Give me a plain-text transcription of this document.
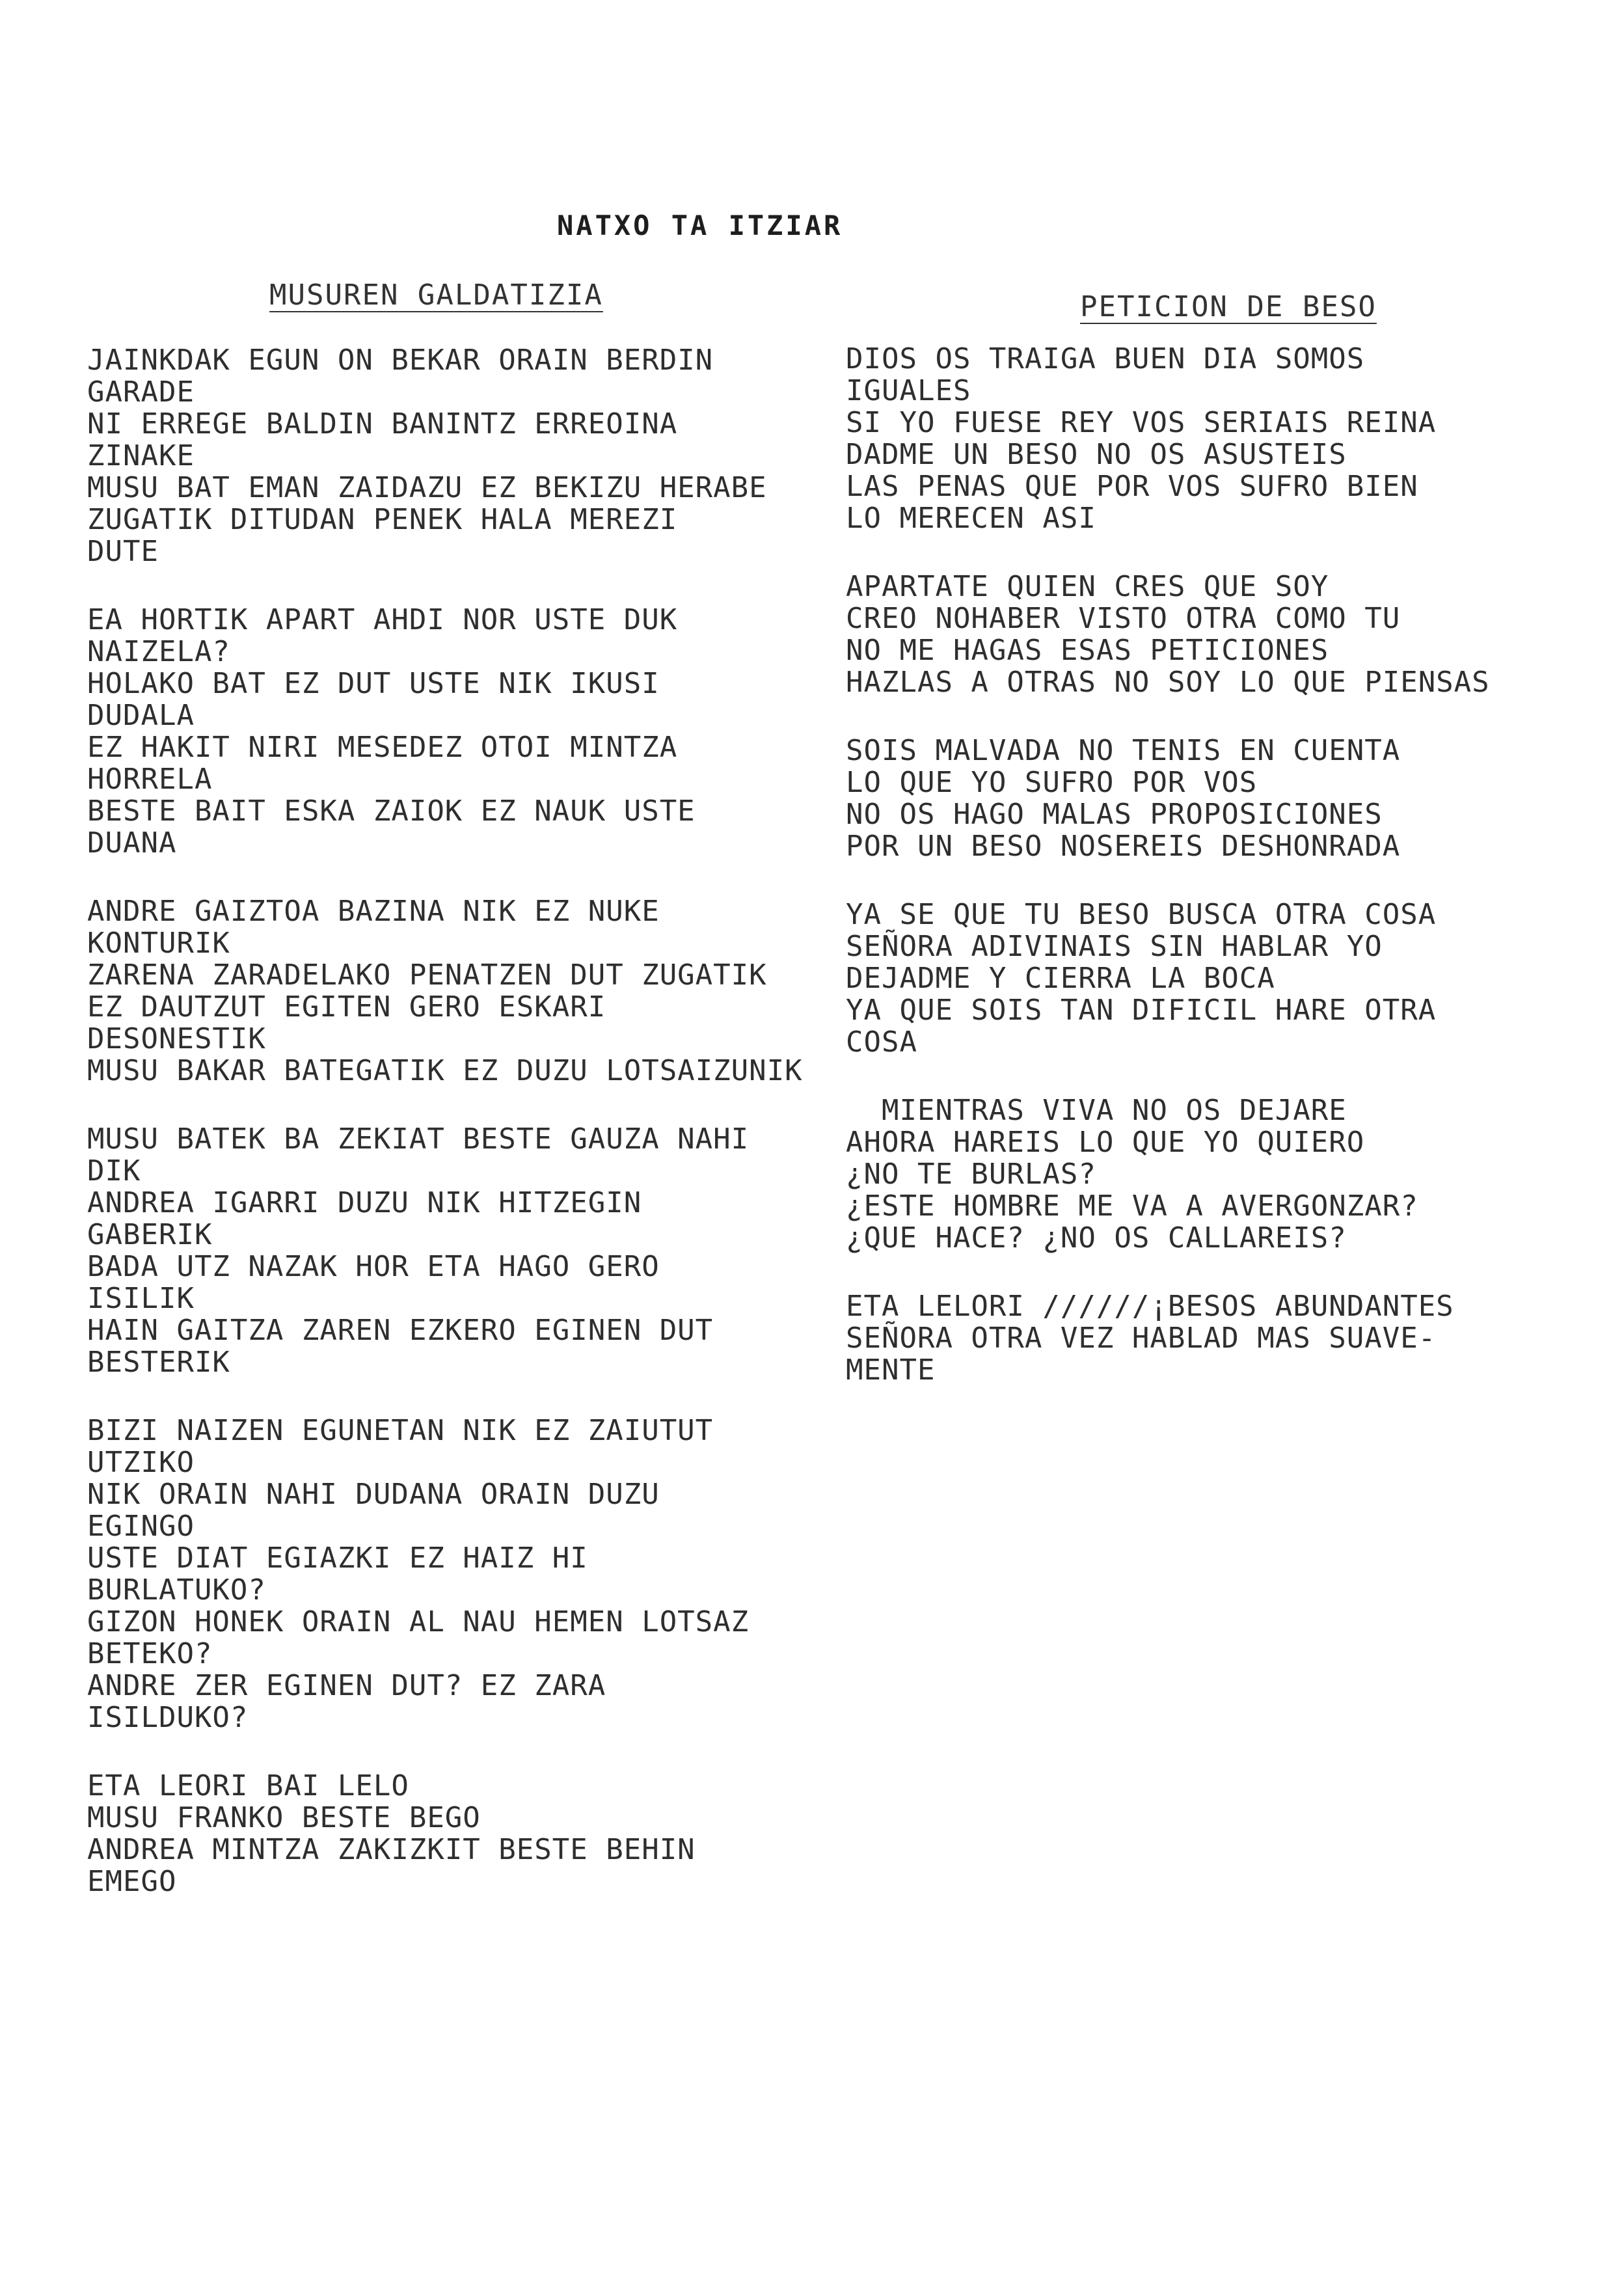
NATXO TA ITZIAR
MUSUREN GALDATIZIA	PETICION DE BESO
JAINKDAK EGUN ON BEKAR ORAIN BERDIN
GARADE
NI ERREGE BALDIN BANINTZ ERREOINA
ZINAKE
MUSU BAT EMAN ZAIDAZU EZ BEKIZU HERABE
ZUGATIK DITUDAN PENEK HALA MEREZI
DUTE
EA HORTIK APART AHDI NOR USTE DUK
NAIZELA?
HOLAKO BAT EZ DUT USTE NIK IKUSI
DUDALA
EZ HAKIT NIRI MESEDEZ OTOI MINTZA
HORRELA
BESTE BAIT ESKA ZAIOK EZ NAUK USTE
DUANA
ANDRE GAIZTOA BAZINA NIK EZ NUKE
KONTURIK
ZARENA ZARADELAKO PENATZEN DUT ZUGATIK
EZ DAUTZUT EGITEN GERO ESKARI
DESONESTIK
MUSU BAKAR BATEGATIK EZ DUZU LOTSAIZUNIK
MUSU BATEK BA ZEKIAT BESTE GAUZA NAHI
DIK
ANDREA IGARRI DUZU NIK HITZEGIN
GABERIK
BADA UTZ NAZAK HOR ETA HAGO GERO
ISILIK
HAIN GAITZA ZAREN EZKERO EGINEN DUT
BESTERIK
BIZI NAIZEN EGUNETAN NIK EZ ZAIUTUT
UTZIKO
NIK ORAIN NAHI DUDANA ORAIN DUZU
EGINGO
USTE DIAT EGIAZKI EZ HAIZ HI
BURLATUKO?
GIZON HONEK ORAIN AL NAU HEMEN LOTSAZ
BETEKO?
ANDRE ZER EGINEN DUT? EZ ZARA
ISILDUKO?
ETA LEORI BAI LELO
MUSU FRANKO BESTE BEGO
ANDREA MINTZA ZAKIZKIT BESTE BEHIN
EMEGO
DIOS OS TRAIGA BUEN DIA SOMOS
IGUALES
SI YO FUESE REY VOS SERIAIS REINA
DADME UN BESO NO OS ASUSTEIS
LAS PENAS QUE POR VOS SUFRO BIEN
LO MERECEN ASI
APARTATE QUIEN CRES QUE SOY
CREO NOHABER VISTO OTRA COMO TU
NO ME HAGAS ESAS PETICIONES
HAZLAS A OTRAS NO SOY LO QUE PIENSAS
SOIS MALVADA NO TENIS EN CUENTA
LO QUE YO SUFRO POR VOS
NO OS HAGO MALAS PROPOSICIONES
POR UN BESO NOSEREIS DESHONRADA
YA SE QUE TU BESO BUSCA OTRA COSA
SEÑORA ADIVINAIS SIN HABLAR YO
DEJADME Y CIERRA LA BOCA
YA QUE SOIS TAN DIFICIL HARE OTRA
COSA
MIENTRAS VIVA NO OS DEJARE
AHORA HAREIS LO QUE YO QUIERO
¿NO TE BURLAS?
¿ESTE HOMBRE ME VA A AVERGONZAR?
¿QUE HACE? ¿NO OS CALLAREIS?
ETA LELORI //////¡BESOS ABUNDANTES
SEÑORA OTRA VEZ HABLAD MAS SUAVE-
MENTE
